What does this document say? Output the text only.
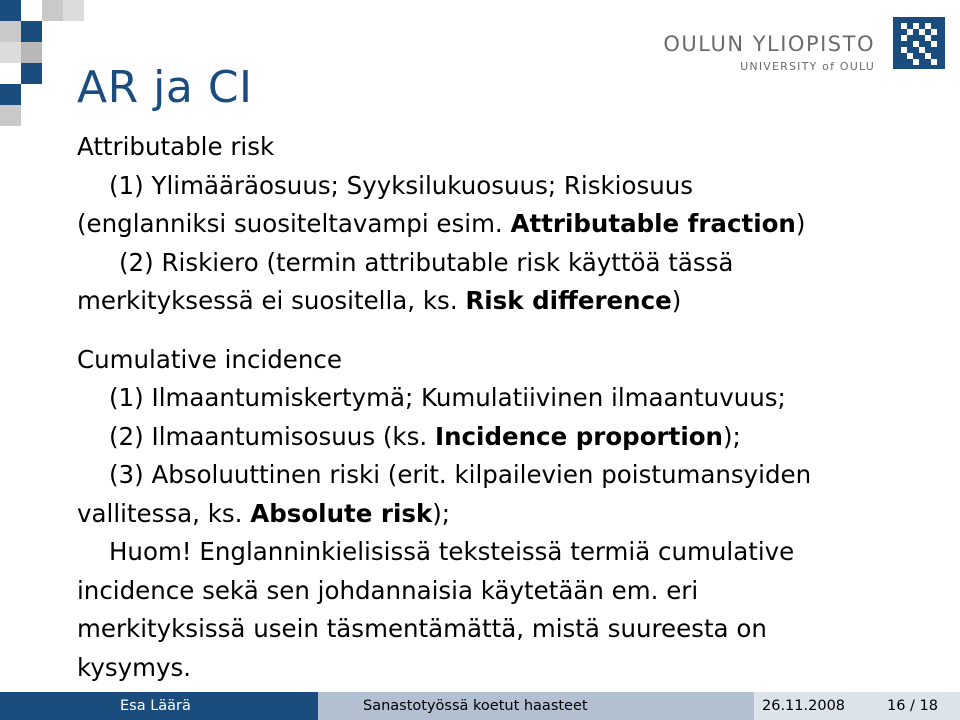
OULUN YLIOPISTO
UNIVERSITY of OULU
AR ja CI

Attributable risk

(1) Ylimääräosuus; Syyksilukuosuus; Riskiosuus

(englanniksi suositeltavampi esim. Attributable fraction)

(2) Riskiero (termin attributable risk käyttöä tässä

merkityksessä ei suositella, ks. Risk difference)

Cumulative incidence

(1) Ilmaantumiskertymä; Kumulatiivinen ilmaantuvuus;

(2) Ilmaantumisosuus (ks. Incidence proportion);

(3) Absoluuttinen riski (erit. kilpailevien poistumansyiden

vallitessa, ks. Absolute risk);

Huom! Englanninkielisissä teksteissä termiä cumulative

incidence sekä sen johdannaisia käytetään em. eri

merkityksissä usein täsmentämättä, mistä suureesta on

kysymys.

Esa Läärä	Sanastotyössä koetut haasteet	26.11.2008	16 / 18
